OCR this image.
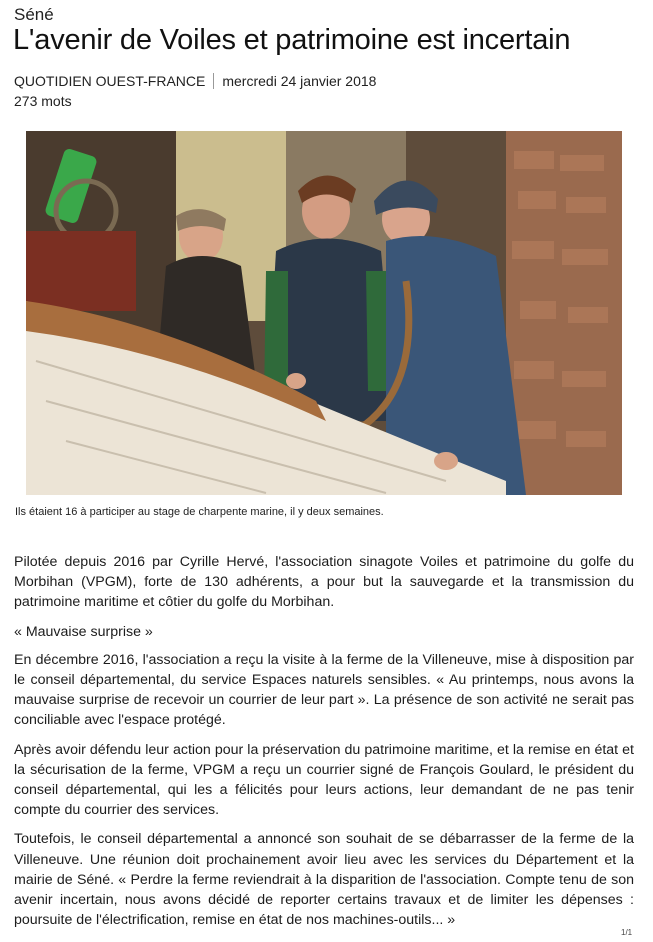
Séné
L'avenir de Voiles et patrimoine est incertain
QUOTIDIEN OUEST-FRANCE mercredi 24 janvier 2018
273 mots
Ils étaient 16 à participer au stage de charpente marine, il y deux semaines.

Pilotée depuis 2016 par Cyrille Hervé, l'association sinagote Voiles et patrimoine du golfe du Morbihan (VPGM), forte de 130 adhérents, a pour but la sauvegarde et la transmission du patrimoine maritime et côtier du golfe du Morbihan.

« Mauvaise surprise »

En décembre 2016, l'association a reçu la visite à la ferme de la Villeneuve, mise à disposition par le conseil départemental, du service Espaces naturels sensibles. « Au printemps, nous avons la mauvaise surprise de recevoir un courrier de leur part ». La présence de son activité ne serait pas conciliable avec l'espace protégé.

Après avoir défendu leur action pour la préservation du patrimoine maritime, et la remise en état et la sécurisation de la ferme, VPGM a reçu un courrier signé de François Goulard, le président du conseil départemental, qui les a félicités pour leurs actions, leur demandant de ne pas tenir compte du courrier des services.

Toutefois, le conseil départemental a annoncé son souhait de se débarrasser de la ferme de la Villeneuve. Une réunion doit prochainement avoir lieu avec les services du Département et la mairie de Séné. « Perdre la ferme reviendrait à la disparition de l'association. Compte tenu de son avenir incertain, nous avons décidé de reporter certains travaux et de limiter les dépenses : poursuite de l'électrification, remise en état de nos machines-outils... »

1/1
